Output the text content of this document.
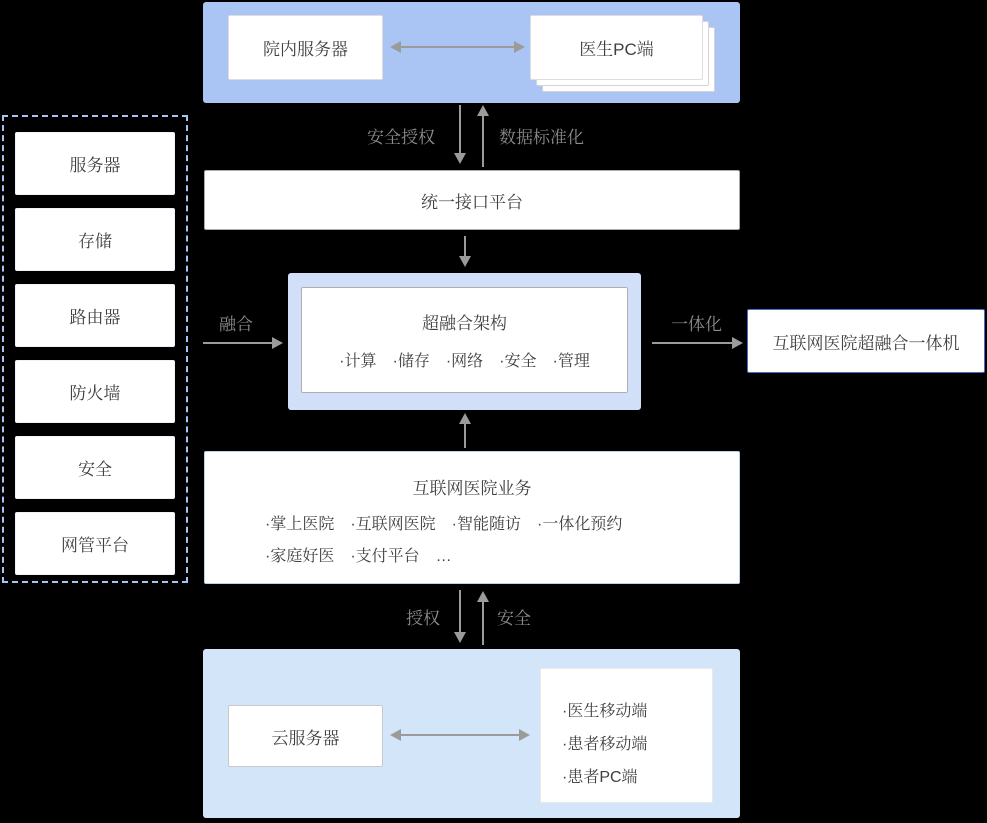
院内服务器	医生PC端
安全授权	数据标准化
统一接口平台
服务器
存储
路由器
防火墙
安全
网管平台
融合	超融合架构
·计算　·储存　·网络　·安全　·管理
一体化
互联网医院超融合一体机
互联网医院业务
·掌上医院　·互联网医院　·智能随访　·一体化预约
·家庭好医　·支付平台　…
授权	安全
云服务器
·医生移动端
·患者移动端
·患者PC端
